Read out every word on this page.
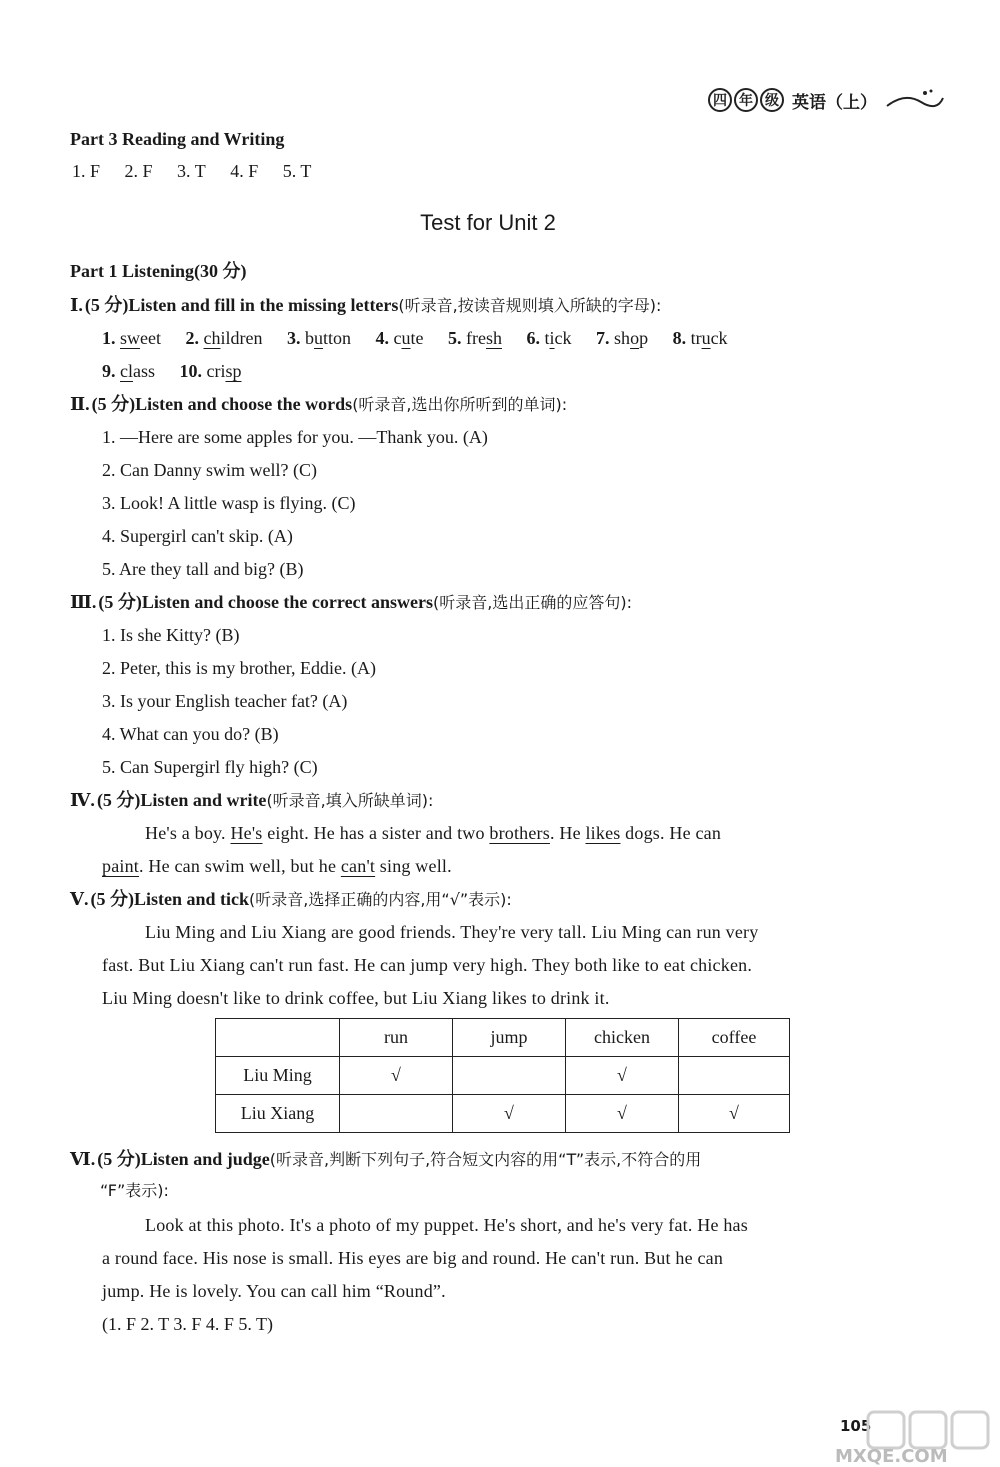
四 年 级 英语（上）
Part 3 Reading and Writing
1. F 2. F 3. T 4. F 5. T
Test for Unit 2
Part 1 Listening(30 分)
Ⅰ. (5 分)Listen and fill in the missing letters(听录音,按读音规则填入所缺的字母):
1. sweet 2. children 3. button 4. cute 5. fresh 6. tick 7. shop 8. truck
9. class 10. crisp
Ⅱ. (5 分)Listen and choose the words(听录音,选出你所听到的单词):
1. —Here are some apples for you. —Thank you. (A)
2. Can Danny swim well? (C)
3. Look! A little wasp is flying. (C)
4. Supergirl can't skip. (A)
5. Are they tall and big? (B)
Ⅲ. (5 分)Listen and choose the correct answers(听录音,选出正确的应答句):
1. Is she Kitty? (B)
2. Peter, this is my brother, Eddie. (A)
3. Is your English teacher fat? (A)
4. What can you do? (B)
5. Can Supergirl fly high? (C)
Ⅳ. (5 分)Listen and write(听录音,填入所缺单词):
He's a boy. He's eight. He has a sister and two brothers. He likes dogs. He can
paint. He can swim well, but he can't sing well.
Ⅴ. (5 分)Listen and tick(听录音,选择正确的内容,用“√”表示):
Liu Ming and Liu Xiang are good friends. They're very tall. Liu Ming can run very
fast. But Liu Xiang can't run fast. He can jump very high. They both like to eat chicken.
Liu Ming doesn't like to drink coffee, but Liu Xiang likes to drink it.
	run	jump	chicken	coffee
Liu Ming	√		√	
Liu Xiang		√	√	√
Ⅵ. (5 分)Listen and judge(听录音,判断下列句子,符合短文内容的用“T”表示,不符合的用
“F”表示):
Look at this photo. It's a photo of my puppet. He's short, and he's very fat. He has
a round face. His nose is small. His eyes are big and round. He can't run. But he can
jump. He is lovely. You can call him “Round”.
(1. F 2. T 3. F 4. F 5. T)
105
MXQE.COM
